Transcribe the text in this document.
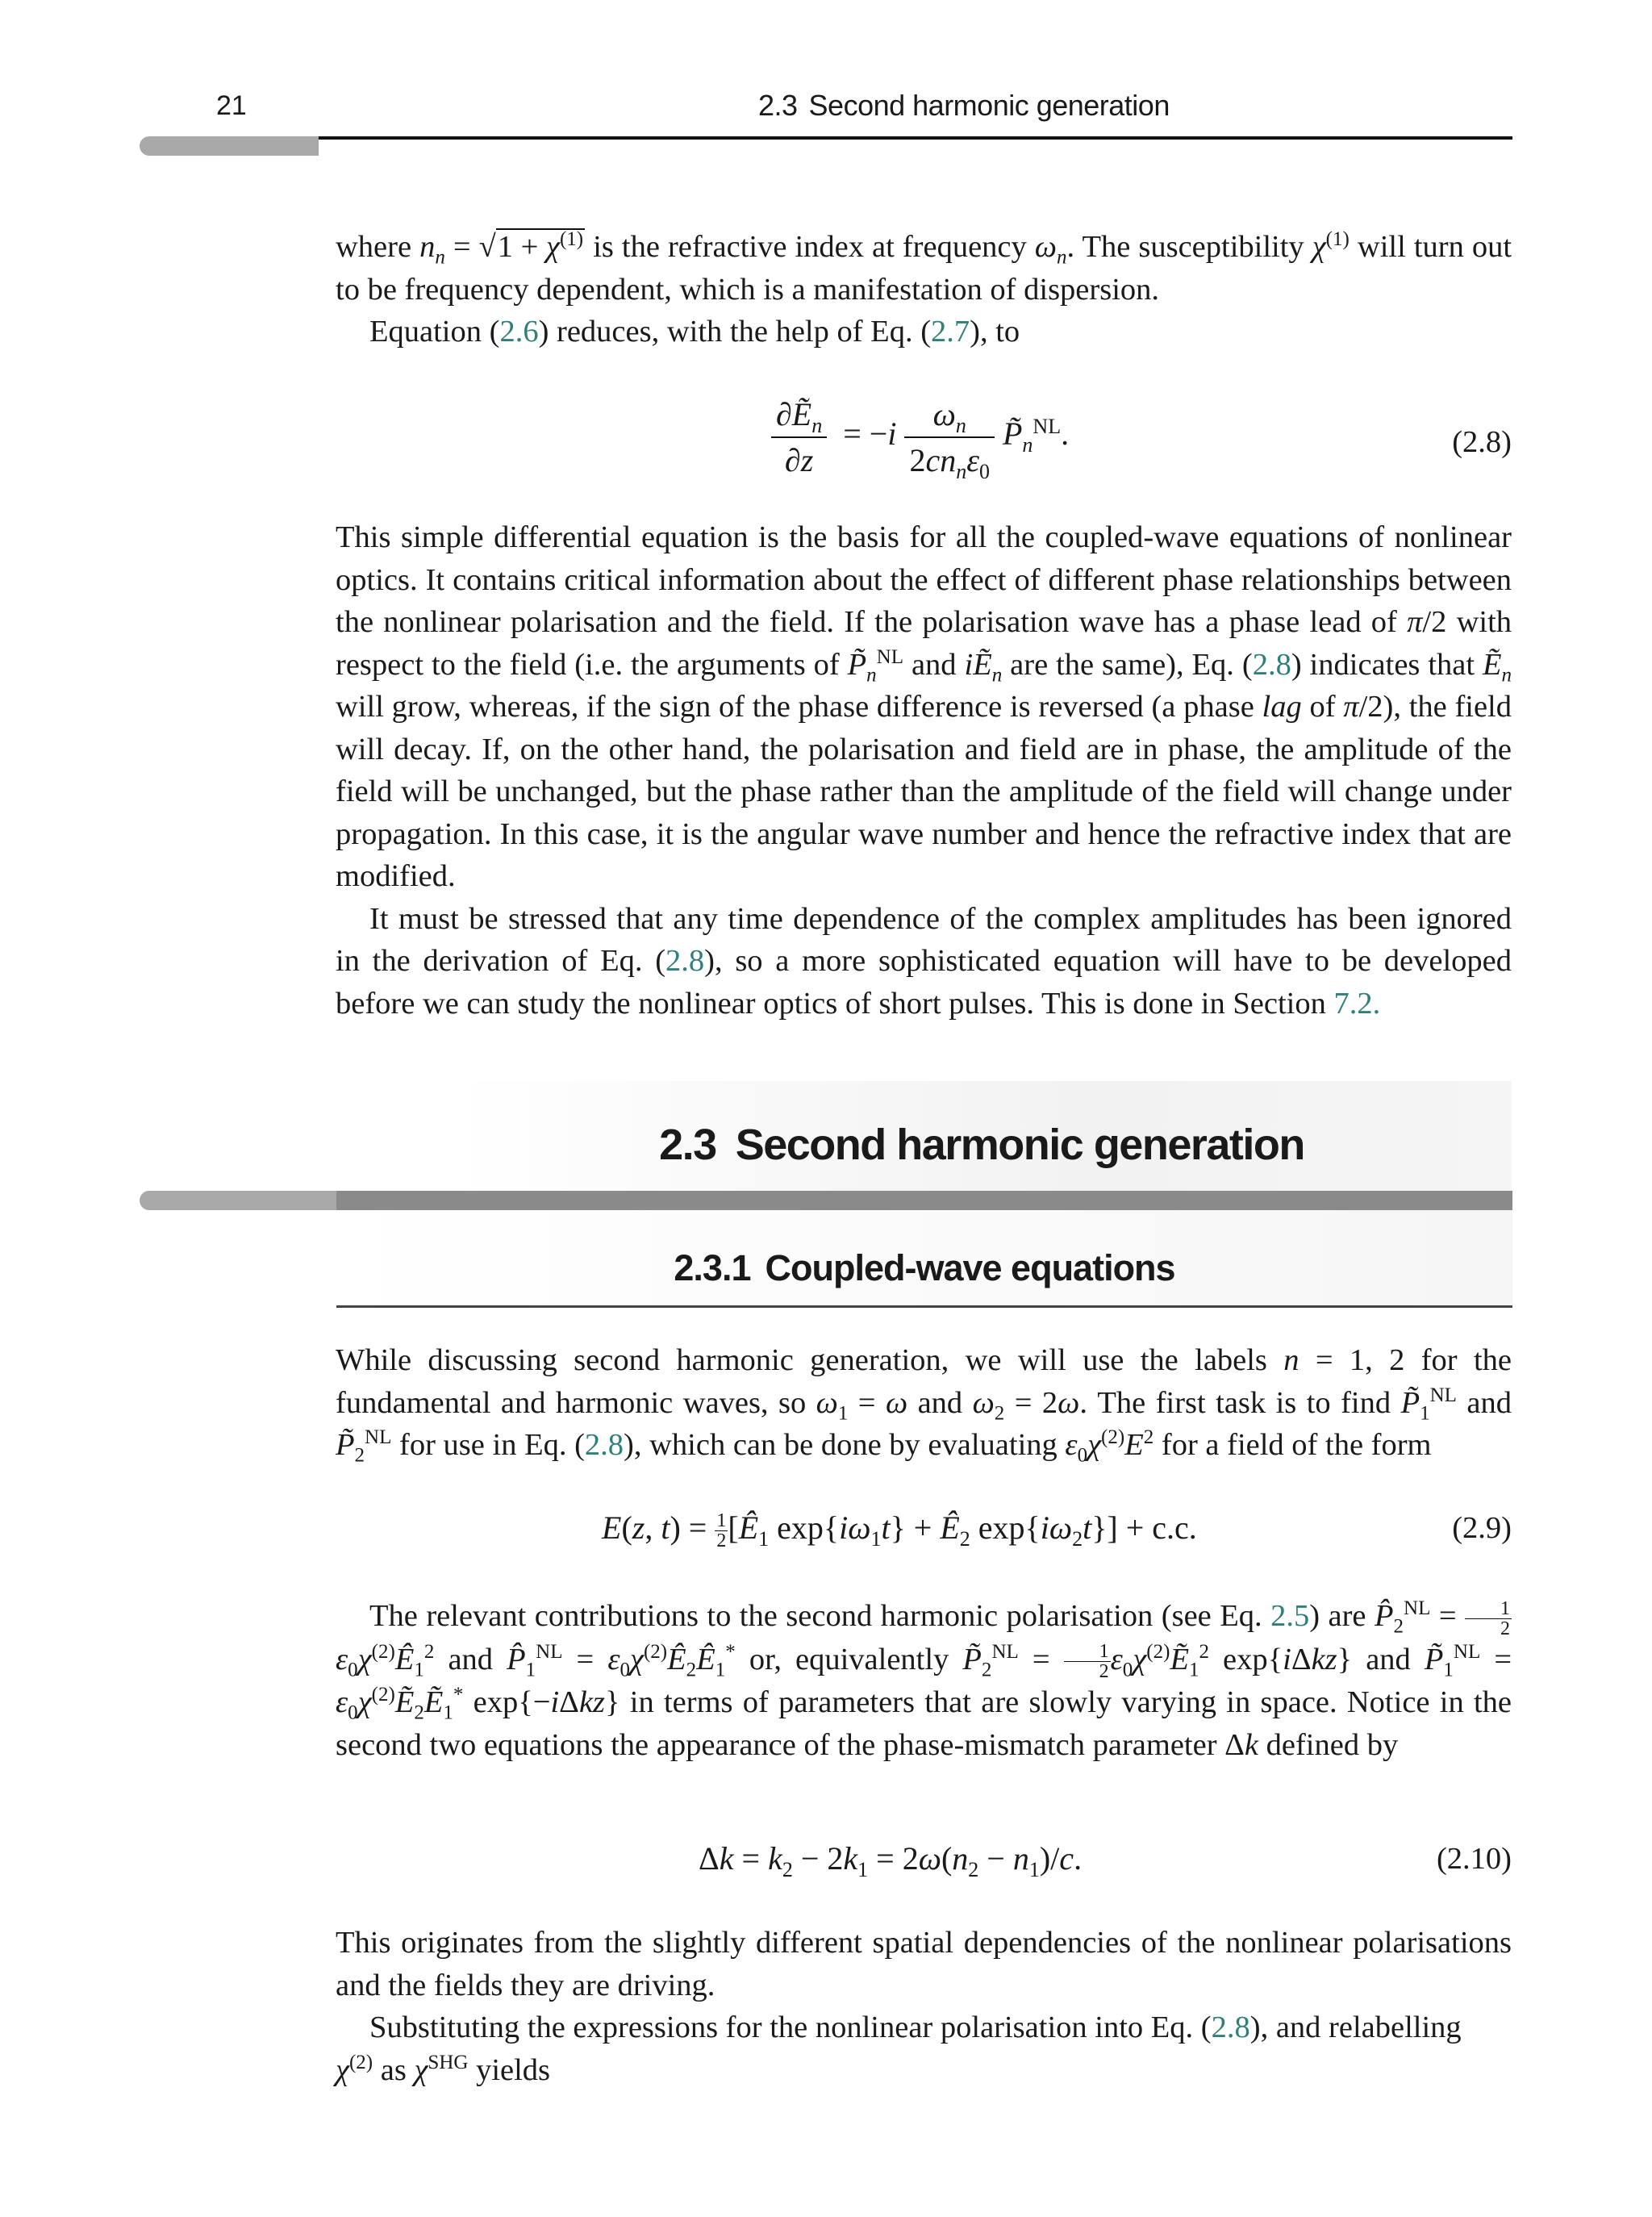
21	2.3 Second harmonic generation

where $n_n = √1 + \chi^{(1)}$ is the refractive index at frequency $\omega_n$. The susceptibility $\chi^{(1)}$ will turn out to be frequency dependent, which is a manifestation of dispersion.

Equation (2.6) reduces, with the help of Eq. (2.7), to

$\frac{\partial Ẽ_n}{\partial z} = -i \frac{\omega_n}{2cn_n\varepsilon_0}$ $P̃_n^{NL}$.	(2.8)

This simple differential equation is the basis for all the coupled-wave equations of nonlinear optics. It contains critical information about the effect of different phase relationships between the nonlinear polarisation and the field. If the polarisation wave has a phase lead of π/2 with respect to the field (i.e. the arguments of $P̃_n^{NL}$ and iẼ$_n$ are the same), Eq. (2.8) indicates that Ẽ$_n$ will grow, whereas, if the sign of the phase difference is reversed (a phase lag of π/2), the field will decay. If, on the other hand, the polarisation and field are in phase, the amplitude of the field will be unchanged, but the phase rather than the amplitude of the field will change under propagation. In this case, it is the angular wave number and hence the refractive index that are modified.

It must be stressed that any time dependence of the complex amplitudes has been ignored in the derivation of Eq. (2.8), so a more sophisticated equation will have to be developed before we can study the nonlinear optics of short pulses. This is done in Section 7.2.

2.3 Second harmonic generation
2.3.1 Coupled-wave equations

While discussing second harmonic generation, we will use the labels n = 1, 2 for the fundamental and harmonic waves, so $\omega_1 = \omega$ and $\omega_2 = 2\omega$. The first task is to find $P̃_1^{NL}$ and $P̃_2^{NL}$ for use in Eq. (2.8), which can be done by evaluating $\varepsilon_0\chi^{(2)}E^2$ for a field of the form

E(z, $t) = \frac{1}{2}$ [$Ê_1$ $\exp\{i\omega_1t\}$ + $Ê_2$ $\exp\{i\omega_2t\}] + c.c$.	(2.9)

The relevant contributions to the second harmonic polarisation (see Eq. 2.5) are $P̂_2^{NL} = \frac{1}{2}$
$\varepsilon_0\chi^{(2)}Ê_1^2$ and $P̂_1^{NL}$ = $\varepsilon_0\chi^{(2)}Ê_2Ê_1^*$ or, equivalently $P̃_2^{NL} = \frac{1}{2}$ $\varepsilon_0\chi^{(2)}Ẽ_1^2$ exp{iΔkz} and $P̃_1^{NL}$ = $\varepsilon_0\chi^{(2)}Ẽ_2Ẽ_1^*$ exp{−iΔkz} in terms of parameters that are slowly varying in space. Notice in the second two equations the appearance of the phase-mismatch parameter Δk defined by

$\Delta k = k_2 - 2k_1 = 2\omega(n_2 - n_1)/c$.	(2.10)

This originates from the slightly different spatial dependencies of the nonlinear polarisations and the fields they are driving.

Substituting the expressions for the nonlinear polarisation into Eq. (2.8), and relabelling

$\chi^{(2)}$ as $\chi^{SHG}$ yields
